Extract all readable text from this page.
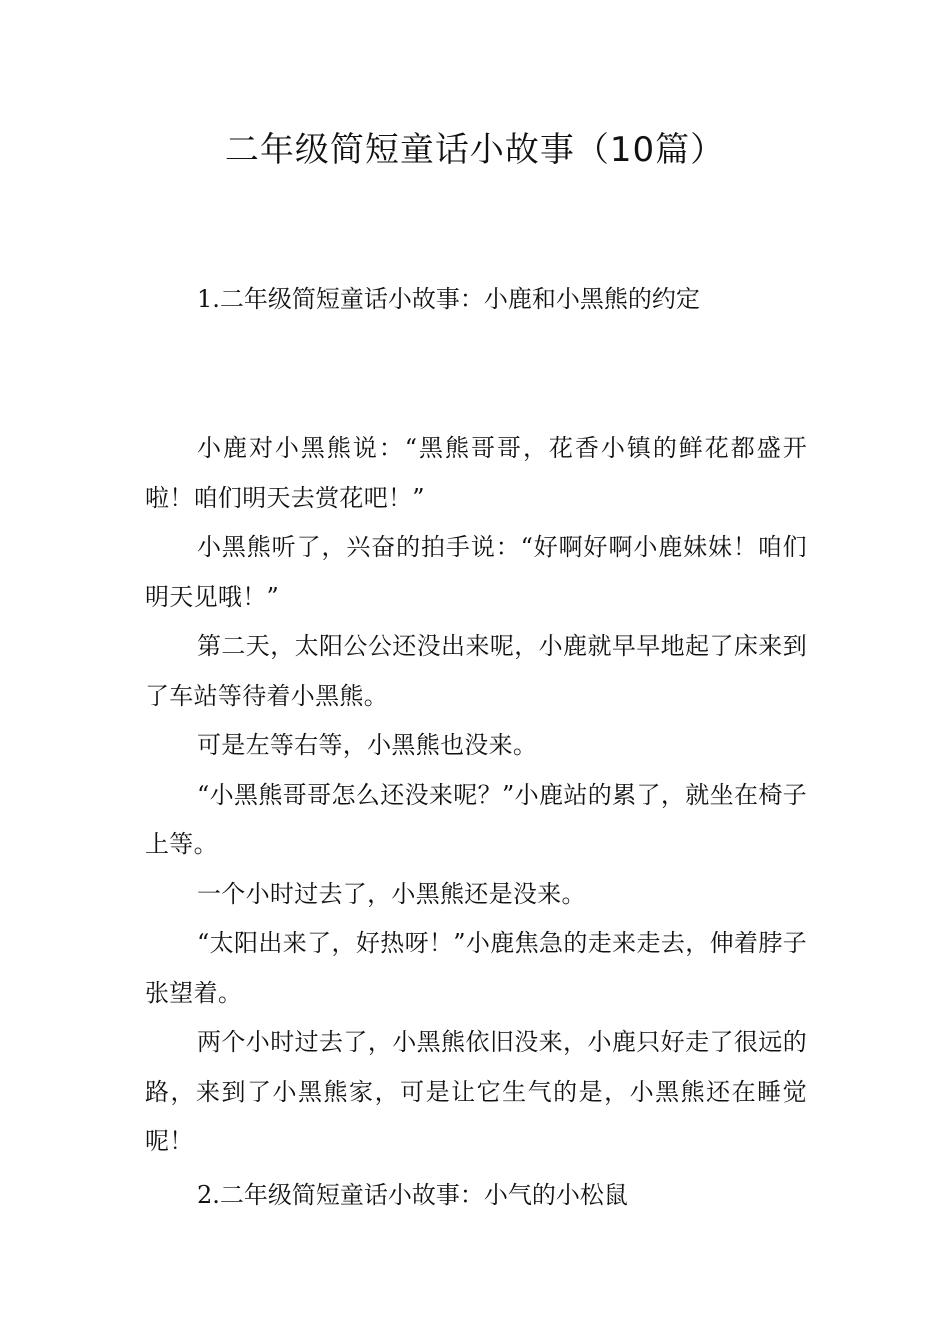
二年级简短童话小故事（10篇）
1.二年级简短童话小故事：小鹿和小黑熊的约定

小鹿对小黑熊说：“黑熊哥哥，花香小镇的鲜花都盛开啦！咱们明天去赏花吧！”

小黑熊听了，兴奋的拍手说：“好啊好啊小鹿妹妹！咱们明天见哦！”

第二天，太阳公公还没出来呢，小鹿就早早地起了床来到了车站等待着小黑熊。

可是左等右等，小黑熊也没来。

“小黑熊哥哥怎么还没来呢？”小鹿站的累了，就坐在椅子上等。

一个小时过去了，小黑熊还是没来。

“太阳出来了，好热呀！”小鹿焦急的走来走去，伸着脖子张望着。

两个小时过去了，小黑熊依旧没来，小鹿只好走了很远的路，来到了小黑熊家，可是让它生气的是，小黑熊还在睡觉呢！

2.二年级简短童话小故事：小气的小松鼠
